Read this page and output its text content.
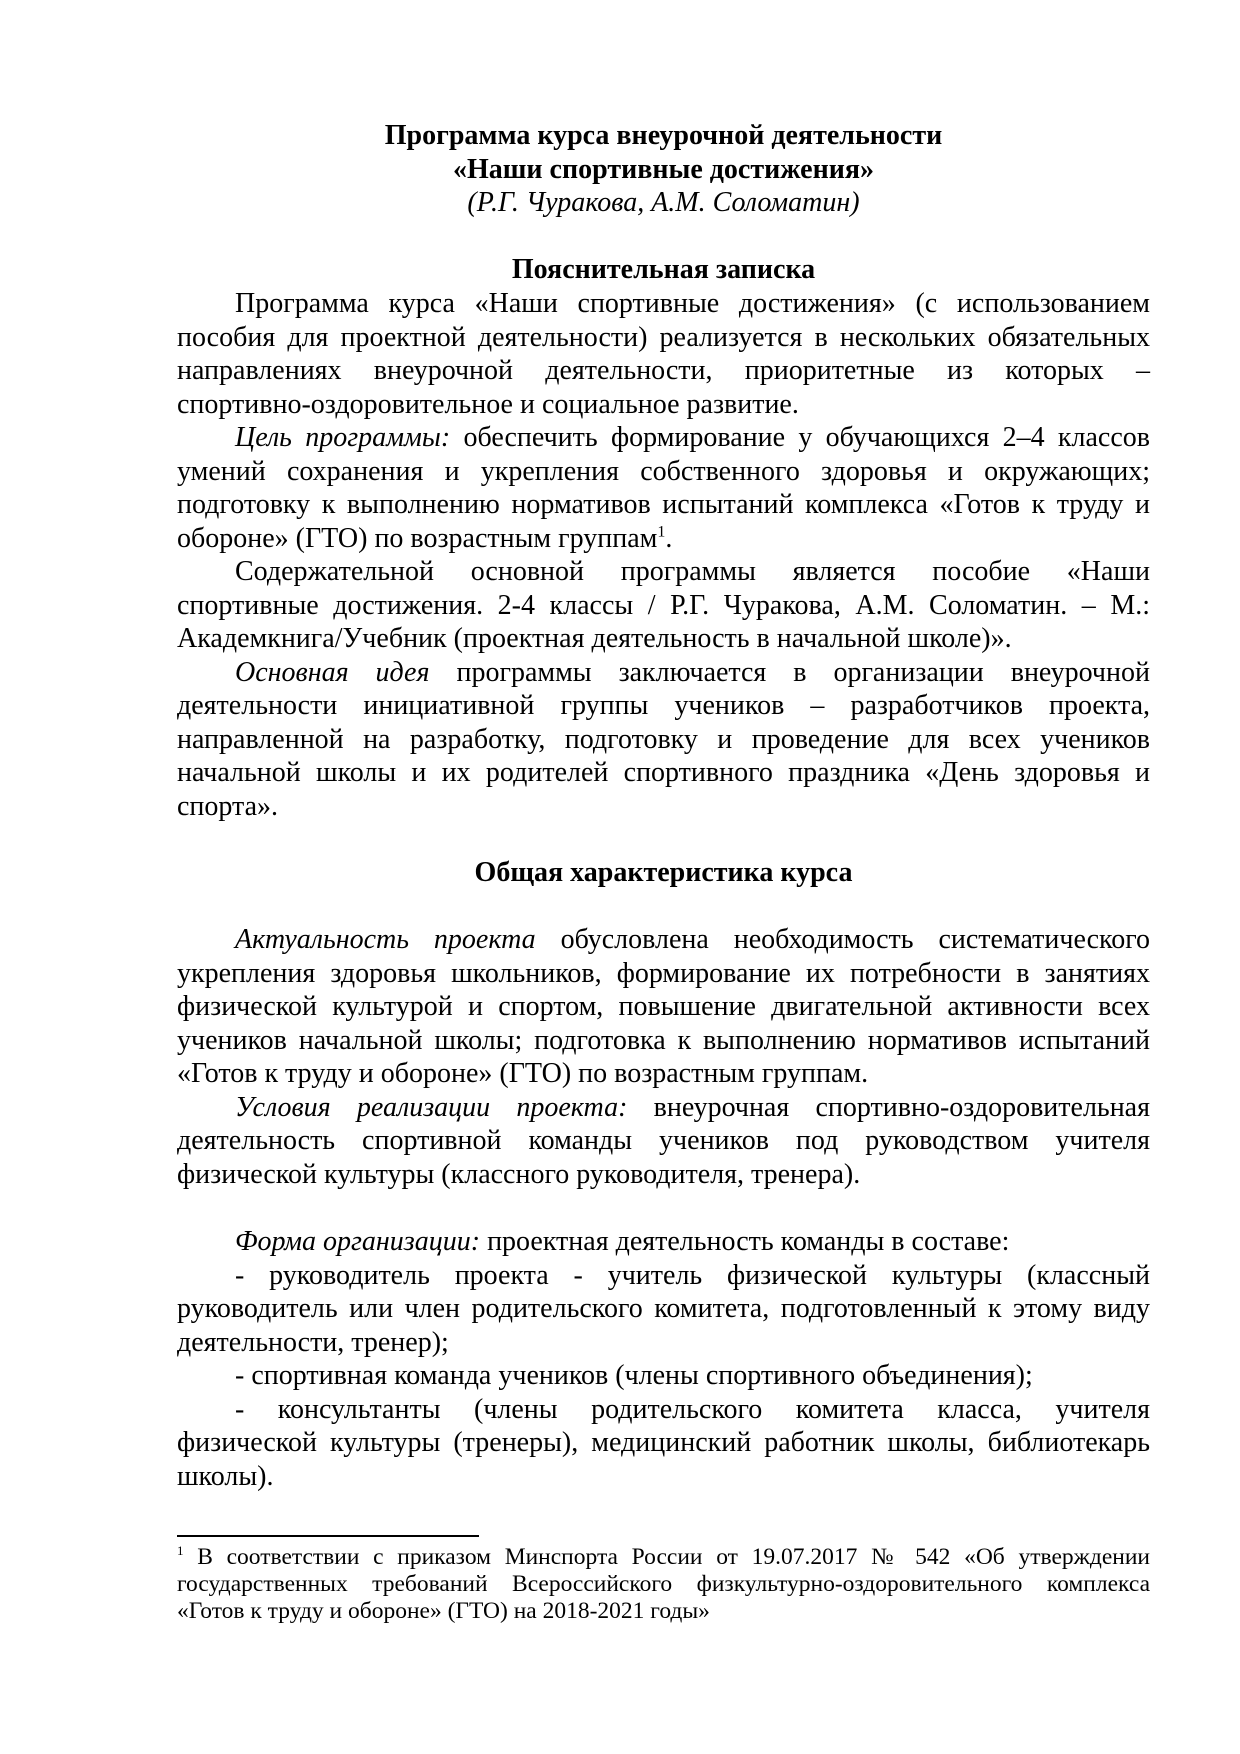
Программа курса внеурочной деятельности
«Наши спортивные достижения»
(Р.Г. Чуракова, А.М. Соломатин)
Пояснительная записка
Программа курса «Наши спортивные достижения» (с использованием
пособия для проектной деятельности) реализуется в нескольких обязательных
направлениях внеурочной деятельности, приоритетные из которых –
спортивно-оздоровительное и социальное развитие.
Цель программы: обеспечить формирование у обучающихся 2–4 классов
умений сохранения и укрепления собственного здоровья и окружающих;
подготовку к выполнению нормативов испытаний комплекса «Готов к труду и
обороне» (ГТО) по возрастным группам$^1$.
Содержательной основной программы является пособие «Наши
спортивные достижения. 2-4 классы / Р.Г. Чуракова, А.М. Соломатин. – М.:
Академкнига/Учебник (проектная деятельность в начальной школе)».
Основная идея программы заключается в организации внеурочной
деятельности инициативной группы учеников – разработчиков проекта,
направленной на разработку, подготовку и проведение для всех учеников
начальной школы и их родителей спортивного праздника «День здоровья и
спорта».
Общая характеристика курса
Актуальность проекта обусловлена необходимость систематического
укрепления здоровья школьников, формирование их потребности в занятиях
физической культурой и спортом, повышение двигательной активности всех
учеников начальной школы; подготовка к выполнению нормативов испытаний
«Готов к труду и обороне» (ГТО) по возрастным группам.
Условия реализации проекта: внеурочная спортивно-оздоровительная
деятельность спортивной команды учеников под руководством учителя
физической культуры (классного руководителя, тренера).
Форма организации: проектная деятельность команды в составе:
- руководитель проекта - учитель физической культуры (классный
руководитель или член родительского комитета, подготовленный к этому виду
деятельности, тренер);
- спортивная команда учеников (члены спортивного объединения);
- консультанты (члены родительского комитета класса, учителя
физической культуры (тренеры), медицинский работник школы, библиотекарь
школы).
$^1$ В соответствии с приказом Минспорта России от 19.07.2017 № 542 «Об утверждении
государственных требований Всероссийского физкультурно-оздоровительного комплекса
«Готов к труду и обороне» (ГТО) на 2018-2021 годы»
